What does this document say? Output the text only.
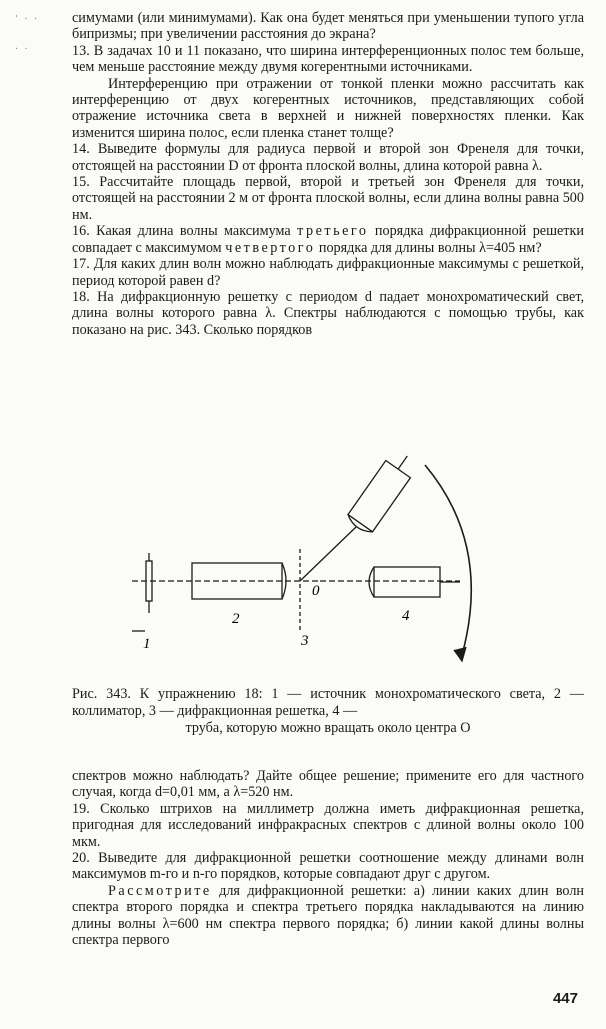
' · ·
· ·

симумами (или минимумами). Как она будет меняться при уменьшении тупого угла бипризмы; при увеличении расстояния до экрана?

13. В задачах 10 и 11 показано, что ширина интерференционных полос тем больше, чем меньше расстояние между двумя когерентными источниками.

Интерференцию при отражении от тонкой пленки можно рассчитать как интерференцию от двух когерентных источников, представляющих собой отражение источника света в верхней и нижней поверхностях пленки. Как изменится ширина полос, если пленка станет толще?

14. Выведите формулы для радиуса первой и второй зон Френеля для точки, отстоящей на расстоянии D от фронта плоской волны, длина которой равна λ.

15. Рассчитайте площадь первой, второй и третьей зон Френеля для точки, отстоящей на расстоянии 2 м от фронта плоской волны, если длина волны равна 500 нм.

16. Какая длина волны максимума третьего порядка дифракционной решетки совпадает с максимумом четвертого порядка для длины волны λ=405 нм?

17. Для каких длин волн можно наблюдать дифракционные максимумы с решеткой, период которой равен d?

18. На дифракционную решетку с периодом d падает монохроматический свет, длина волны которого равна λ. Спектры наблюдаются с помощью трубы, как показано на рис. 343. Сколько порядков

1
2
3
0
4
Рис. 343. К упражнению 18: 1 — источник монохроматического света, 2 — коллиматор, 3 — дифракционная решетка, 4 —
труба, которую можно вращать около центра O

спектров можно наблюдать? Дайте общее решение; примените его для частного случая, когда d=0,01 мм, а λ=520 нм.

19. Сколько штрихов на миллиметр должна иметь дифракционная решетка, пригодная для исследований инфракрасных спектров с длиной волны около 100 мкм.

20. Выведите для дифракционной решетки соотношение между длинами волн максимумов m-го и n-го порядков, которые совпадают друг с другом.

Рассмотрите для дифракционной решетки: а) линии каких длин волн спектра второго порядка и спектра третьего порядка накладываются на линию длины волны λ=600 нм спектра первого порядка; б) линии какой длины волны спектра первого

447
